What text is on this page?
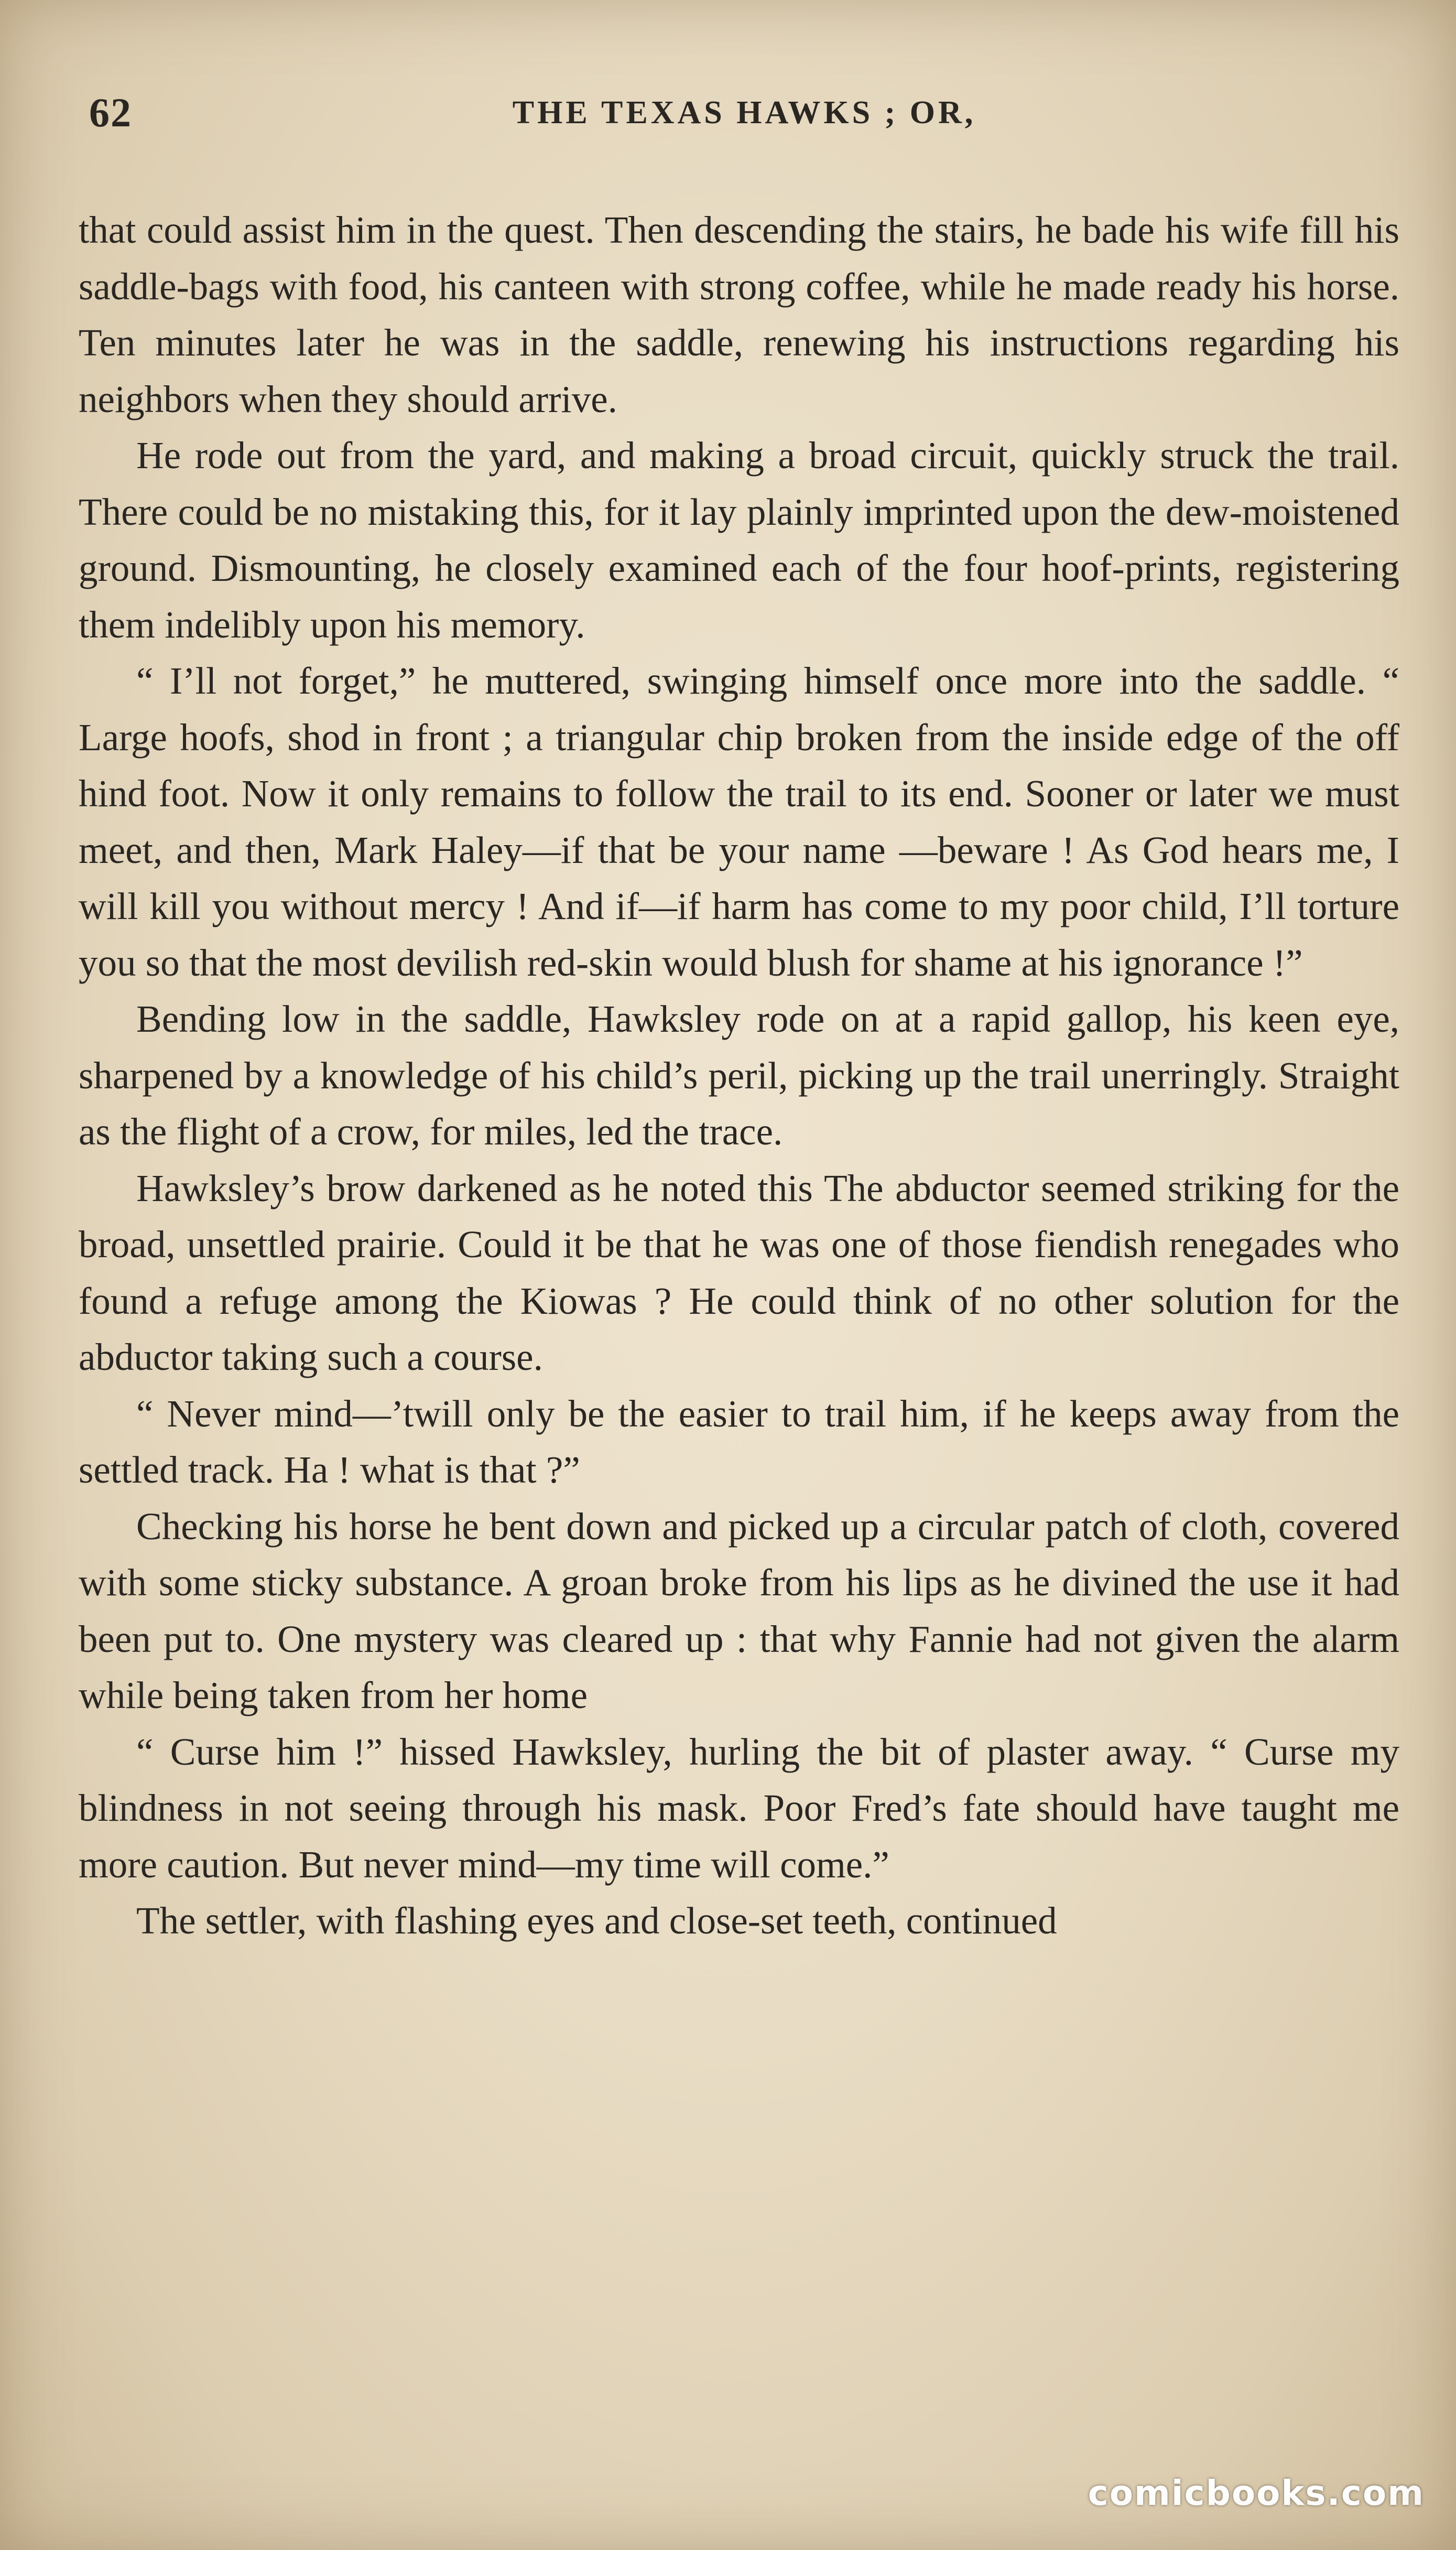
62	THE TEXAS HAWKS ; OR,

that could assist him in the quest. Then descending the stairs, he bade his wife fill his saddle-bags with food, his canteen with strong coffee, while he made ready his horse. Ten minutes later he was in the saddle, renewing his instructions regarding his neighbors when they should arrive.

He rode out from the yard, and making a broad circuit, quickly struck the trail. There could be no mistaking this, for it lay plainly imprinted upon the dew-moistened ground. Dismounting, he closely examined each of the four hoof-prints, registering them indelibly upon his memory.

“ I’ll not forget,” he muttered, swinging himself once more into the saddle. “ Large hoofs, shod in front ; a triangular chip broken from the inside edge of the off hind foot. Now it only remains to follow the trail to its end. Sooner or later we must meet, and then, Mark Haley—if that be your name —beware ! As God hears me, I will kill you without mercy ! And if—if harm has come to my poor child, I’ll torture you so that the most devilish red-skin would blush for shame at his ignorance !”

Bending low in the saddle, Hawksley rode on at a rapid gallop, his keen eye, sharpened by a knowledge of his child’s peril, picking up the trail unerringly. Straight as the flight of a crow, for miles, led the trace.

Hawksley’s brow darkened as he noted this The abductor seemed striking for the broad, unsettled prairie. Could it be that he was one of those fiendish renegades who found a refuge among the Kiowas ? He could think of no other solution for the abductor taking such a course.

“ Never mind—’twill only be the easier to trail him, if he keeps away from the settled track. Ha ! what is that ?”

Checking his horse he bent down and picked up a circular patch of cloth, covered with some sticky substance. A groan broke from his lips as he divined the use it had been put to. One mystery was cleared up : that why Fannie had not given the alarm while being taken from her home

“ Curse him !” hissed Hawksley, hurling the bit of plaster away. “ Curse my blindness in not seeing through his mask. Poor Fred’s fate should have taught me more caution. But never mind—my time will come.”

The settler, with flashing eyes and close-set teeth, continued

comicbooks.com
